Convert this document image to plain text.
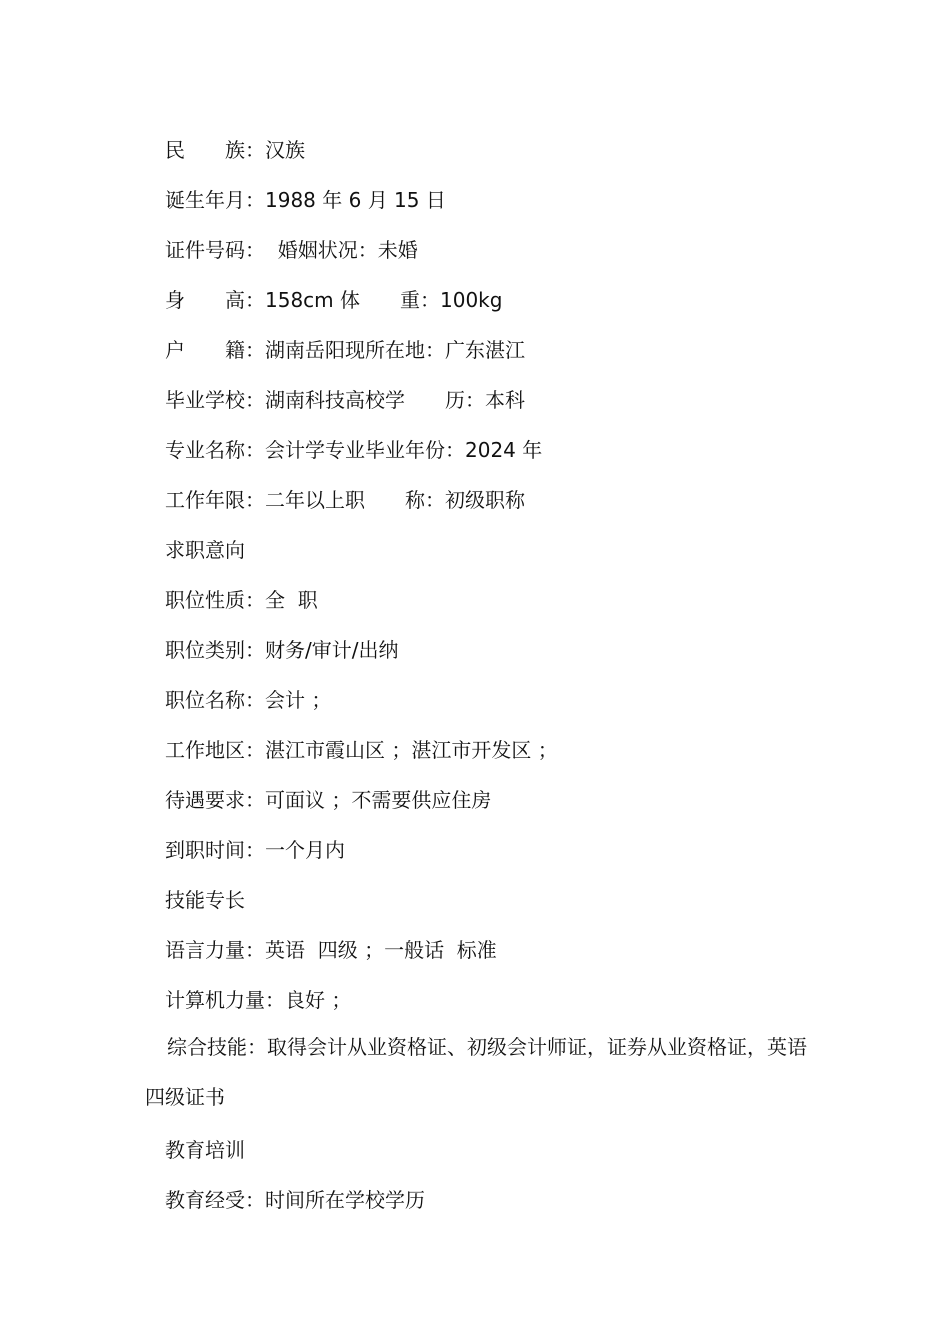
民　　族：汉族
诞生年月：1988 年 6 月 15 日
证件号码：  婚姻状况：未婚
身　　高：158cm 体　　重：100kg
户　　籍：湖南岳阳现所在地：广东湛江
毕业学校：湖南科技高校学　　历：本科
专业名称：会计学专业毕业年份：2024 年
工作年限：二年以上职　　称：初级职称
求职意向
职位性质：全  职
职位类别：财务/审计/出纳
职位名称：会计 ；
工作地区：湛江市霞山区 ；湛江市开发区 ；
待遇要求：可面议 ；不需要供应住房
到职时间：一个月内
技能专长
语言力量：英语  四级 ；一般话  标准
计算机力量：良好 ；
综合技能：取得会计从业资格证、初级会计师证，证券从业资格证，英语四级证书
教育培训
教育经受：时间所在学校学历
